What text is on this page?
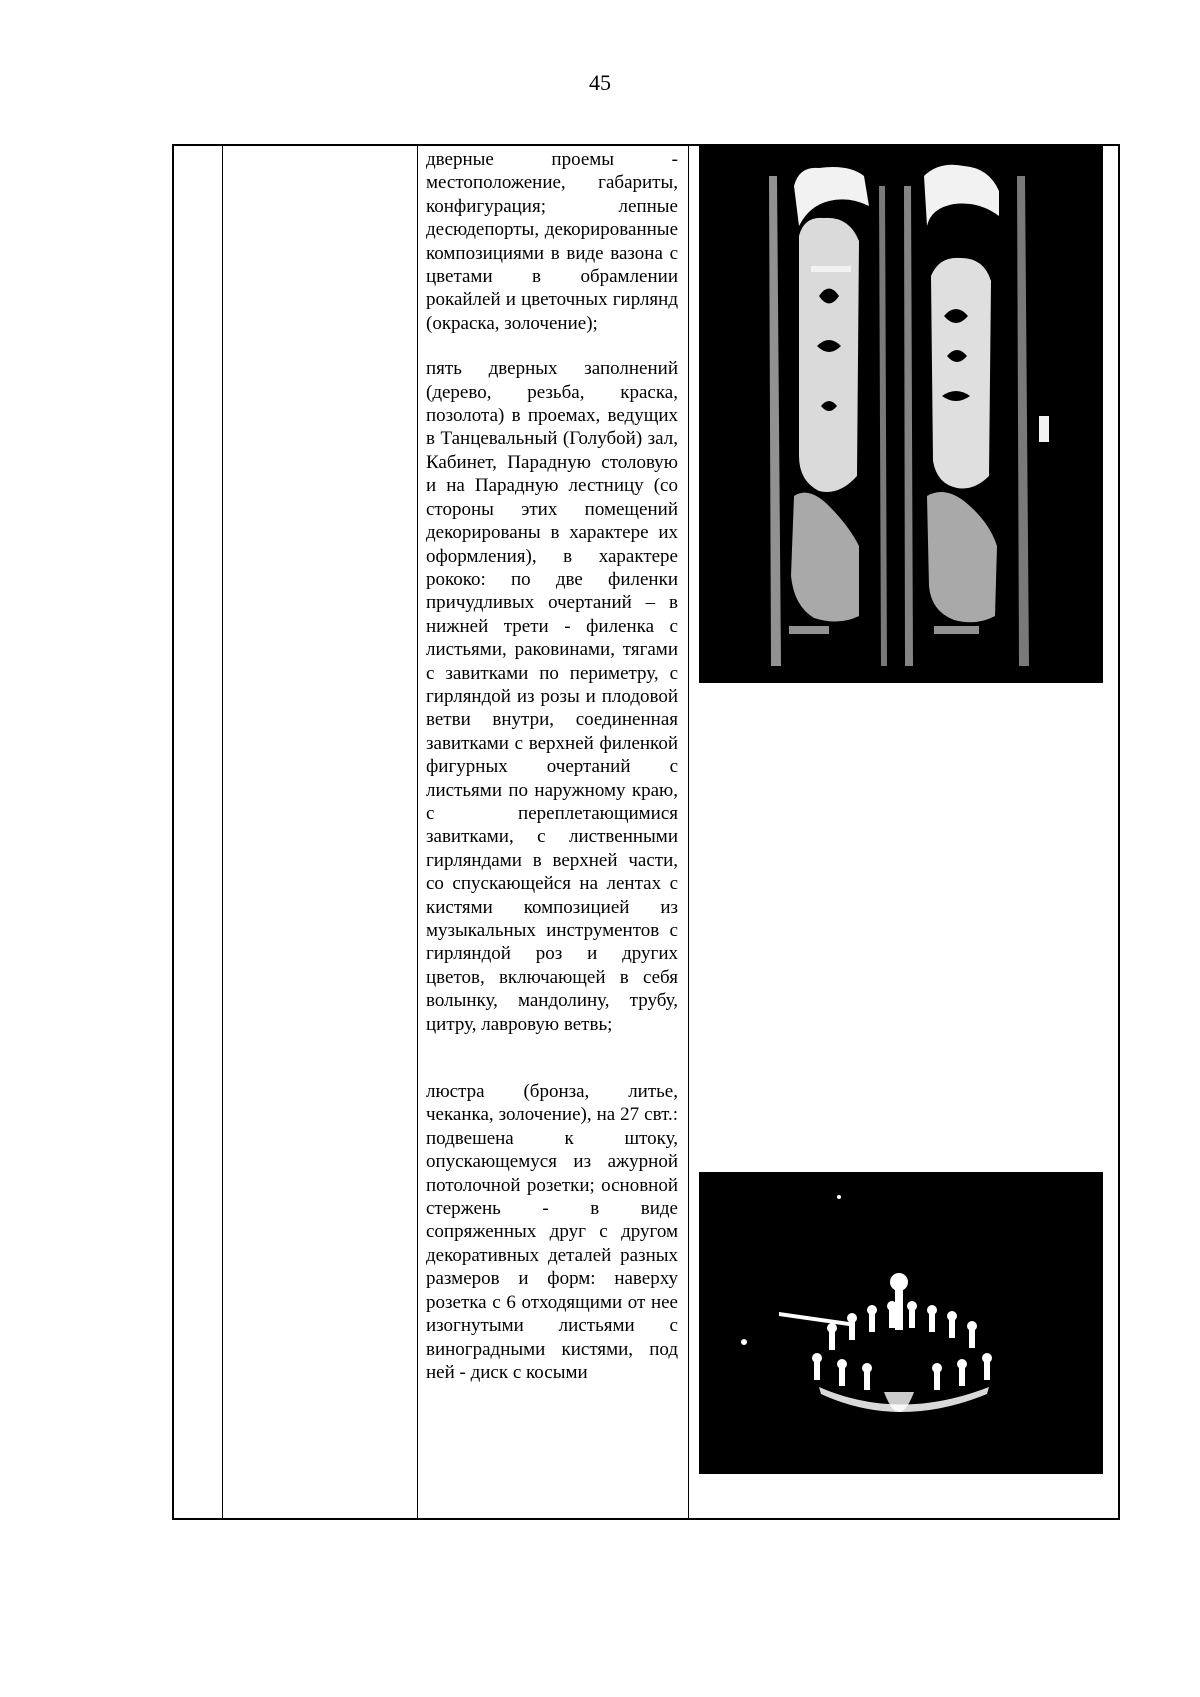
45

дверные проемы - местоположение, габариты, конфигурация; лепные десюдепорты, декорированные композициями в виде вазона с цветами в обрамлении рокайлей и цветочных гирлянд (окраска, золочение);

пять дверных заполнений (дерево, резьба, краска, позолота) в проемах, ведущих в Танцевальный (Голубой) зал, Кабинет, Парадную столовую и на Парадную лестницу (со стороны этих помещений декорированы в характере их оформления), в характере рококо: по две филенки причудливых очертаний – в нижней трети - филенка с листьями, раковинами, тягами с завитками по периметру, с гирляндой из розы и плодовой ветви внутри, соединенная завитками с верхней филенкой фигурных очертаний с листьями по наружному краю, с переплетающимися завитками, с лиственными гирляндами в верхней части, со спускающейся на лентах с кистями композицией из музыкальных инструментов с гирляндой роз и других цветов, включающей в себя волынку, мандолину, трубу, цитру, лавровую ветвь;

люстра (бронза, литье, чеканка, золочение), на 27 свт.: подвешена к штоку, опускающемуся из ажурной потолочной розетки; основной стержень - в виде сопряженных друг с другом декоративных деталей разных размеров и форм: наверху розетка с 6 отходящими от нее изогнутыми листьями с виноградными кистями, под ней - диск с косыми
